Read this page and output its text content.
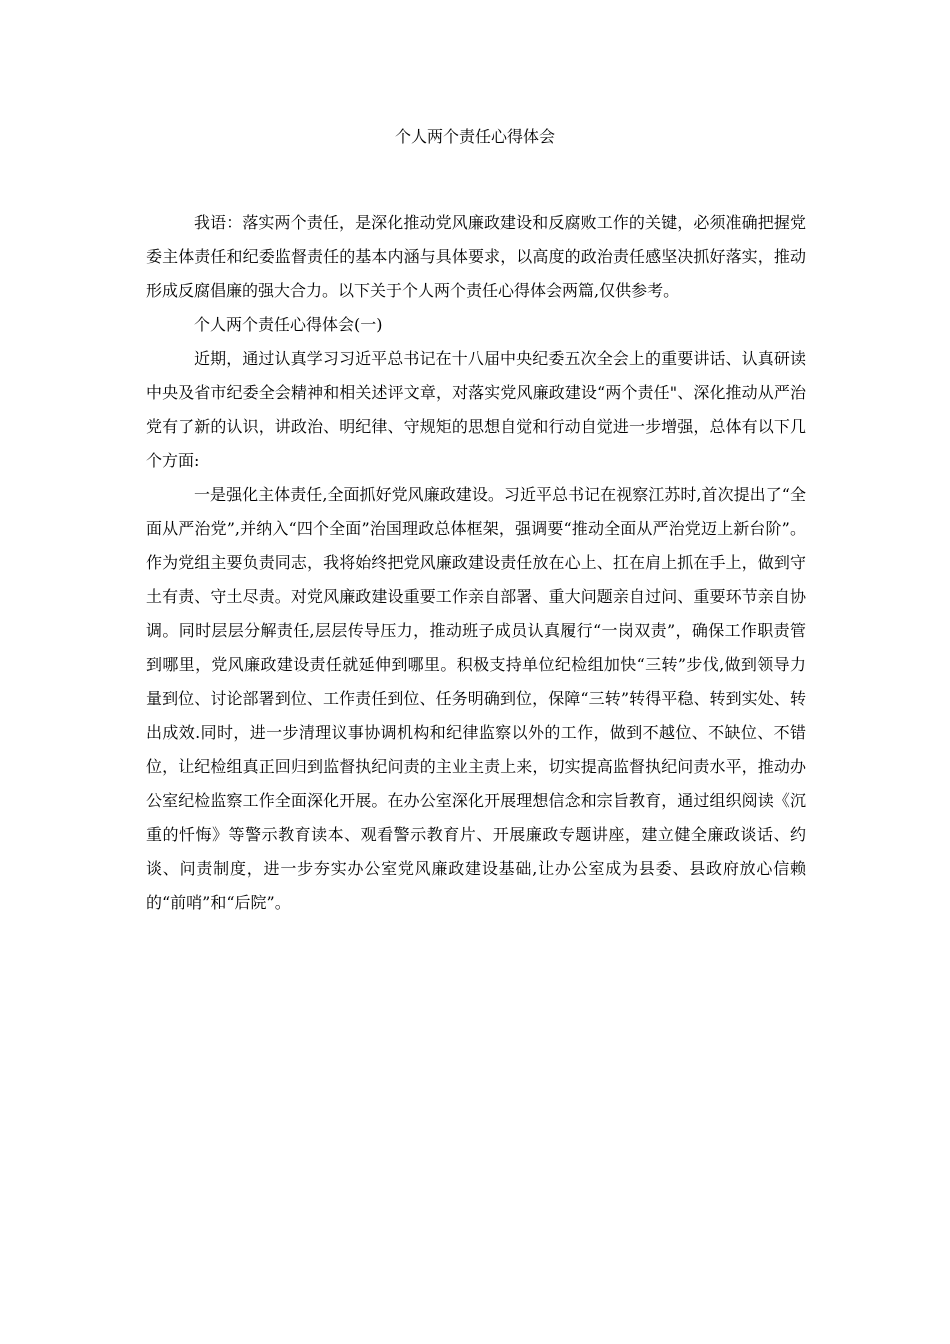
个人两个责任心得体会

我语：落实两个责任，是深化推动党风廉政建设和反腐败工作的关键，必须准确把握党委主体责任和纪委监督责任的基本内涵与具体要求，以高度的政治责任感坚决抓好落实，推动形成反腐倡廉的强大合力。以下关于个人两个责任心得体会两篇,仅供参考。

个人两个责任心得体会(一)

近期，通过认真学习习近平总书记在十八届中央纪委五次全会上的重要讲话、认真研读中央及省市纪委全会精神和相关述评文章，对落实党风廉政建设“两个责任"、深化推动从严治党有了新的认识，讲政治、明纪律、守规矩的思想自觉和行动自觉进一步增强，总体有以下几个方面:

一是强化主体责任,全面抓好党风廉政建设。习近平总书记在视察江苏时,首次提出了“全面从严治党”,并纳入“四个全面”治国理政总体框架，强调要“推动全面从严治党迈上新台阶”。作为党组主要负责同志，我将始终把党风廉政建设责任放在心上、扛在肩上抓在手上，做到守土有责、守土尽责。对党风廉政建设重要工作亲自部署、重大问题亲自过问、重要环节亲自协调。同时层层分解责任,层层传导压力，推动班子成员认真履行“一岗双责”，确保工作职责管到哪里，党风廉政建设责任就延伸到哪里。积极支持单位纪检组加快“三转”步伐,做到领导力量到位、讨论部署到位、工作责任到位、任务明确到位，保障“三转”转得平稳、转到实处、转出成效.同时，进一步清理议事协调机构和纪律监察以外的工作，做到不越位、不缺位、不错位，让纪检组真正回归到监督执纪问责的主业主责上来，切实提高监督执纪问责水平，推动办公室纪检监察工作全面深化开展。在办公室深化开展理想信念和宗旨教育，通过组织阅读《沉重的忏悔》等警示教育读本、观看警示教育片、开展廉政专题讲座，建立健全廉政谈话、约谈、问责制度，进一步夯实办公室党风廉政建设基础,让办公室成为县委、县政府放心信赖的“前哨”和“后院”。
